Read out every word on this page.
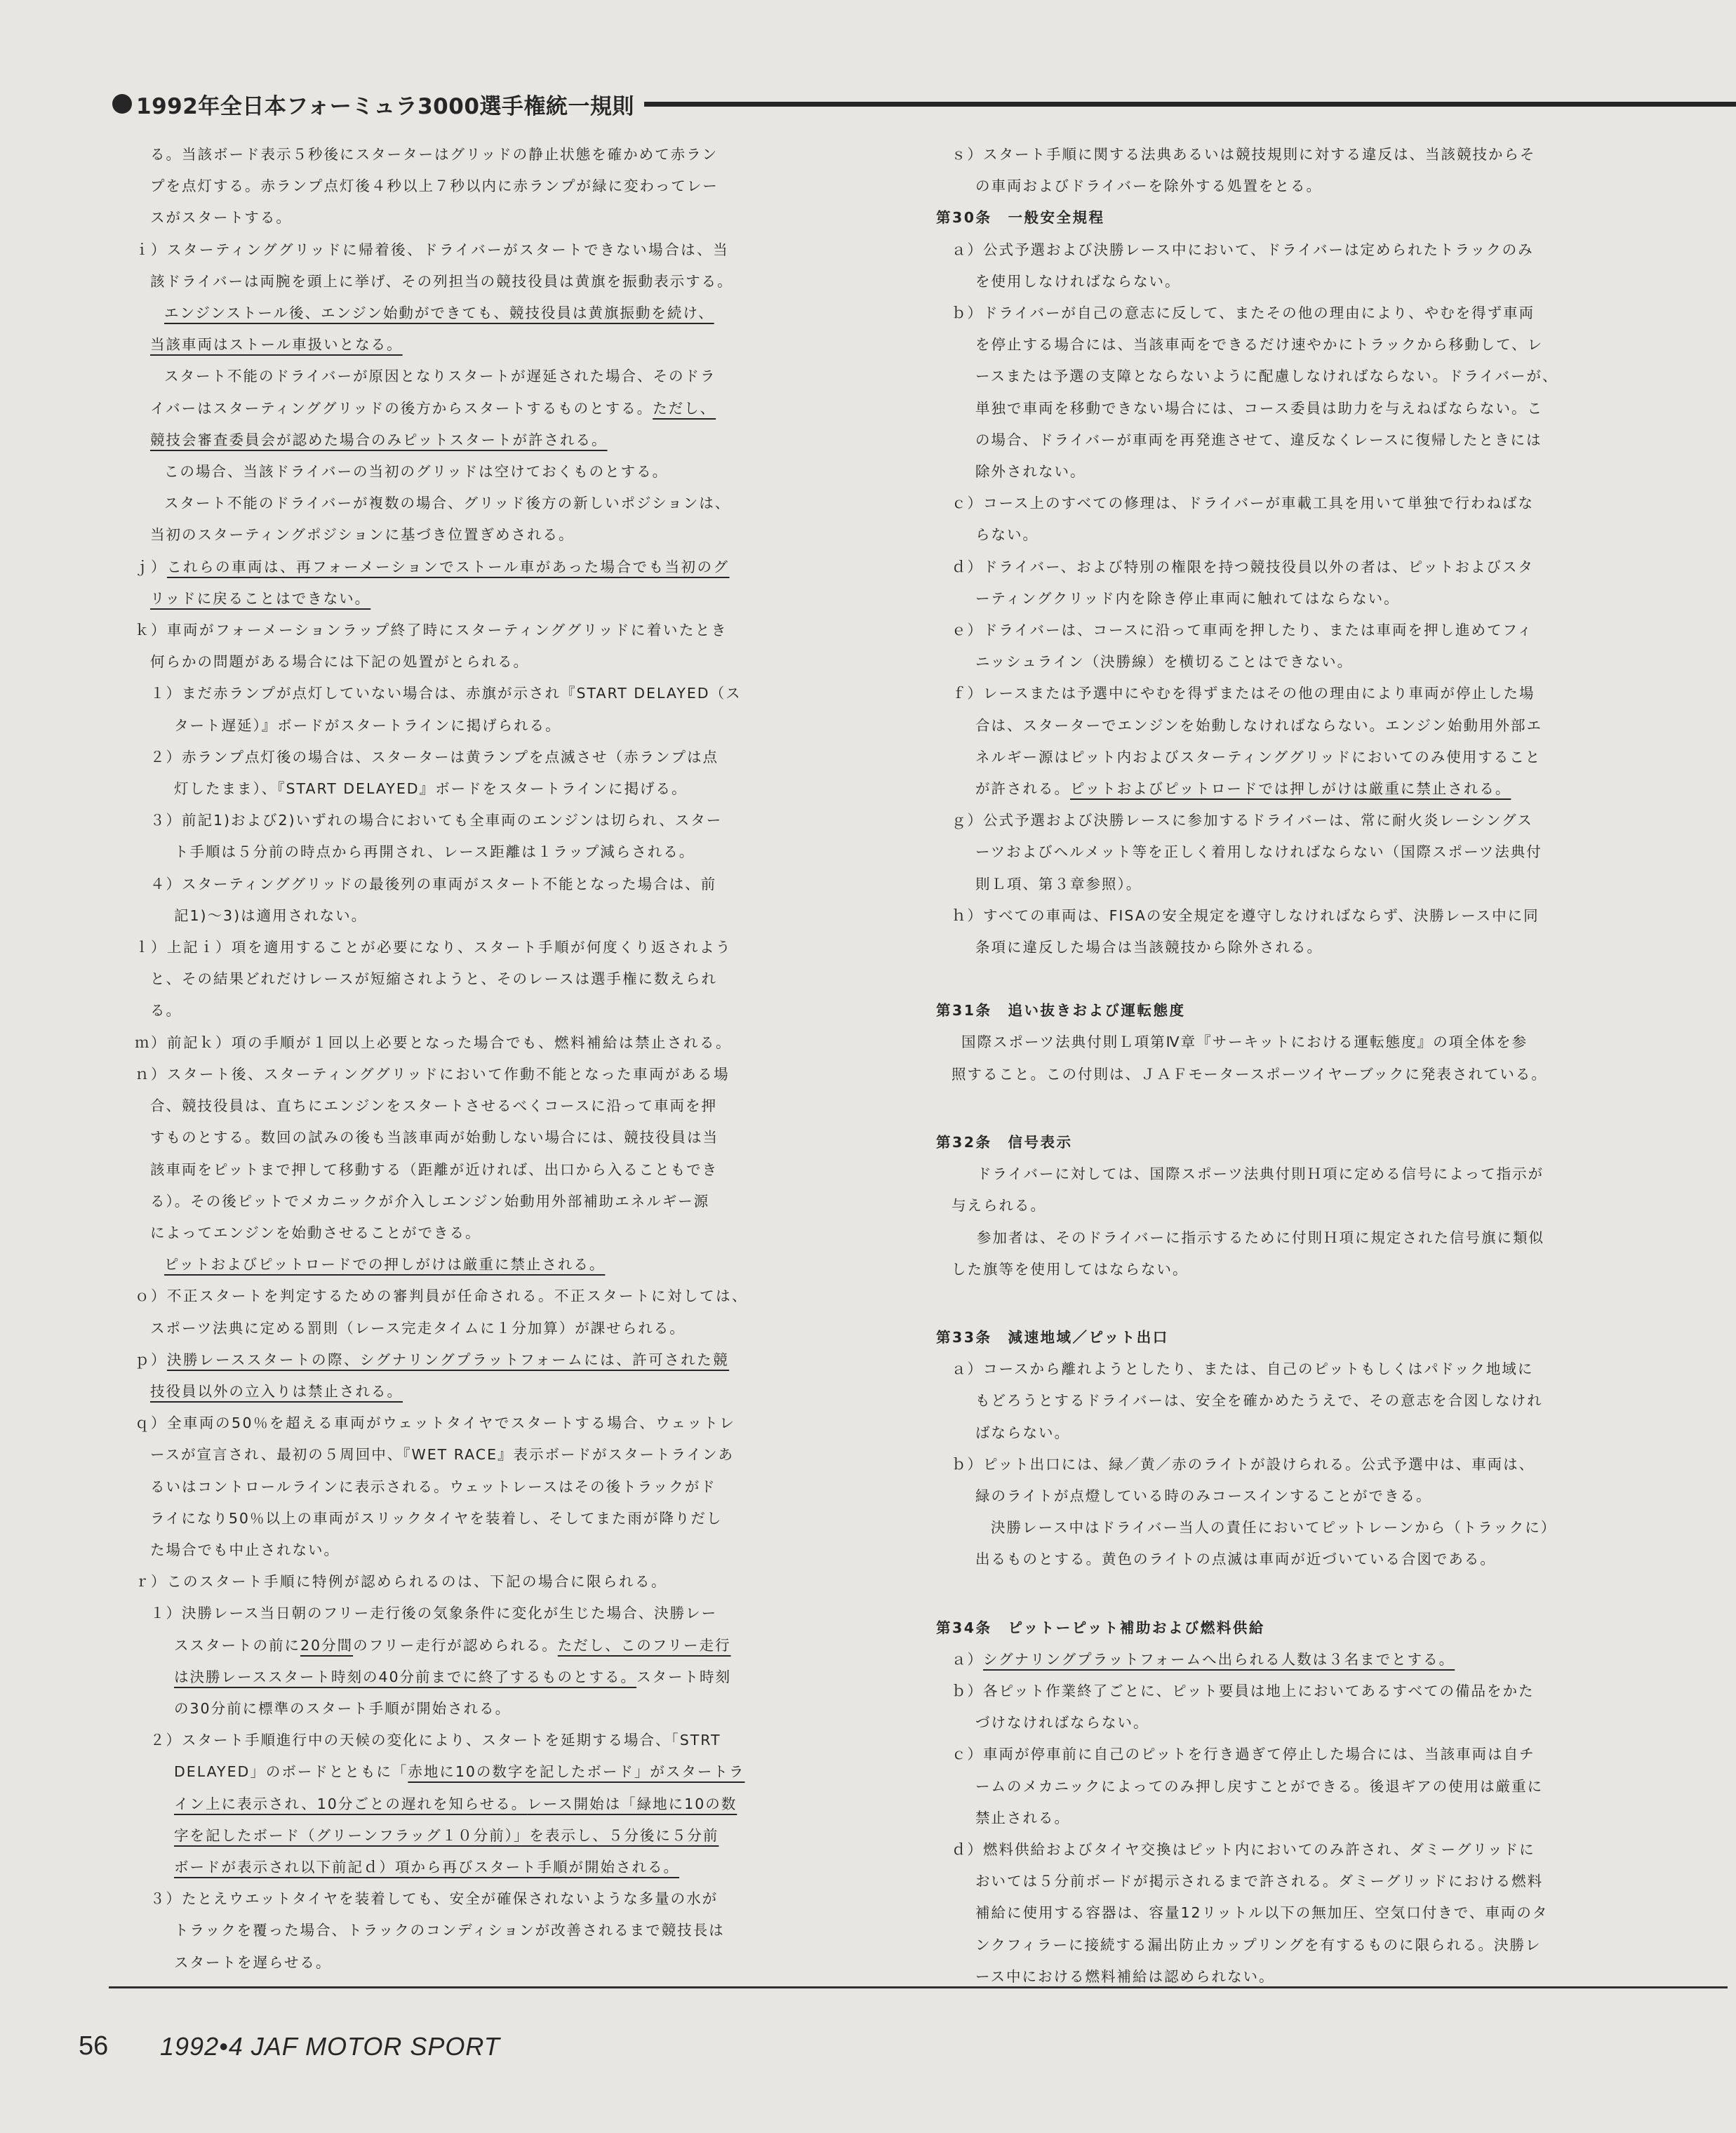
1992年全日本フォーミュラ3000選手権統一規則
る。当該ボード表示５秒後にスターターはグリッドの静止状態を確かめて赤ラン
プを点灯する。赤ランプ点灯後４秒以上７秒以内に赤ランプが緑に変わってレー
スがスタートする。
ｉ）スターティンググリッドに帰着後、ドライバーがスタートできない場合は、当
該ドライバーは両腕を頭上に挙げ、その列担当の競技役員は黄旗を振動表示する。
エンジンストール後、エンジン始動ができても、競技役員は黄旗振動を続け、
当該車両はストール車扱いとなる。
スタート不能のドライバーが原因となりスタートが遅延された場合、そのドラ
イバーはスターティンググリッドの後方からスタートするものとする。ただし、
競技会審査委員会が認めた場合のみピットスタートが許される。
この場合、当該ドライバーの当初のグリッドは空けておくものとする。
スタート不能のドライバーが複数の場合、グリッド後方の新しいポジションは、
当初のスターティングポジションに基づき位置ぎめされる。
ｊ）これらの車両は、再フォーメーションでストール車があった場合でも当初のグ
リッドに戻ることはできない。
ｋ）車両がフォーメーションラップ終了時にスターティンググリッドに着いたとき
何らかの問題がある場合には下記の処置がとられる。
１）まだ赤ランプが点灯していない場合は、赤旗が示され『START DELAYED（ス
タート遅延）』ボードがスタートラインに掲げられる。
２）赤ランプ点灯後の場合は、スターターは黄ランプを点滅させ（赤ランプは点
灯したまま）、『START DELAYED』ボードをスタートラインに掲げる。
３）前記1)および2)いずれの場合においても全車両のエンジンは切られ、スター
ト手順は５分前の時点から再開され、レース距離は１ラップ減らされる。
４）スターティンググリッドの最後列の車両がスタート不能となった場合は、前
記1)〜3)は適用されない。
ｌ）上記ｉ）項を適用することが必要になり、スタート手順が何度くり返されよう
と、その結果どれだけレースが短縮されようと、そのレースは選手権に数えられ
る。
ｍ）前記ｋ）項の手順が１回以上必要となった場合でも、燃料補給は禁止される。
ｎ）スタート後、スターティンググリッドにおいて作動不能となった車両がある場
合、競技役員は、直ちにエンジンをスタートさせるべくコースに沿って車両を押
すものとする。数回の試みの後も当該車両が始動しない場合には、競技役員は当
該車両をピットまで押して移動する（距離が近ければ、出口から入ることもでき
る）。その後ピットでメカニックが介入しエンジン始動用外部補助エネルギー源
によってエンジンを始動させることができる。
ピットおよびピットロードでの押しがけは厳重に禁止される。
ｏ）不正スタートを判定するための審判員が任命される。不正スタートに対しては、
スポーツ法典に定める罰則（レース完走タイムに１分加算）が課せられる。
ｐ）決勝レーススタートの際、シグナリングプラットフォームには、許可された競
技役員以外の立入りは禁止される。
ｑ）全車両の50％を超える車両がウェットタイヤでスタートする場合、ウェットレ
ースが宣言され、最初の５周回中、『WET RACE』表示ボードがスタートラインあ
るいはコントロールラインに表示される。ウェットレースはその後トラックがド
ライになり50％以上の車両がスリックタイヤを装着し、そしてまた雨が降りだし
た場合でも中止されない。
ｒ）このスタート手順に特例が認められるのは、下記の場合に限られる。
１）決勝レース当日朝のフリー走行後の気象条件に変化が生じた場合、決勝レー
ススタートの前に20分間のフリー走行が認められる。ただし、このフリー走行
は決勝レーススタート時刻の40分前までに終了するものとする。スタート時刻
の30分前に標準のスタート手順が開始される。
２）スタート手順進行中の天候の変化により、スタートを延期する場合、「STRT
DELAYED」のボードとともに「赤地に10の数字を記したボード」がスタートラ
イン上に表示され、10分ごとの遅れを知らせる。レース開始は「緑地に10の数
字を記したボード（グリーンフラッグ１０分前）」を表示し、５分後に５分前
ボードが表示され以下前記ｄ）項から再びスタート手順が開始される。
３）たとえウエットタイヤを装着しても、安全が確保されないような多量の水が
トラックを覆った場合、トラックのコンディションが改善されるまで競技長は
スタートを遅らせる。
ｓ）スタート手順に関する法典あるいは競技規則に対する違反は、当該競技からそ
の車両およびドライバーを除外する処置をとる。
第30条　一般安全規程
ａ）公式予選および決勝レース中において、ドライバーは定められたトラックのみ
を使用しなければならない。
ｂ）ドライバーが自己の意志に反して、またその他の理由により、やむを得ず車両
を停止する場合には、当該車両をできるだけ速やかにトラックから移動して、レ
ースまたは予選の支障とならないように配慮しなければならない。ドライバーが、
単独で車両を移動できない場合には、コース委員は助力を与えねばならない。こ
の場合、ドライバーが車両を再発進させて、違反なくレースに復帰したときには
除外されない。
ｃ）コース上のすべての修理は、ドライバーが車載工具を用いて単独で行わねばな
らない。
ｄ）ドライバー、および特別の権限を持つ競技役員以外の者は、ピットおよびスタ
ーティングクリッド内を除き停止車両に触れてはならない。
ｅ）ドライバーは、コースに沿って車両を押したり、または車両を押し進めてフィ
ニッシュライン（決勝線）を横切ることはできない。
ｆ）レースまたは予選中にやむを得ずまたはその他の理由により車両が停止した場
合は、スターターでエンジンを始動しなければならない。エンジン始動用外部エ
ネルギー源はピット内およびスターティンググリッドにおいてのみ使用すること
が許される。ピットおよびピットロードでは押しがけは厳重に禁止される。
ｇ）公式予選および決勝レースに参加するドライバーは、常に耐火炎レーシングス
ーツおよびヘルメット等を正しく着用しなければならない（国際スポーツ法典付
則Ｌ項、第３章参照）。
ｈ）すべての車両は、FISAの安全規定を遵守しなければならず、決勝レース中に同
条項に違反した場合は当該競技から除外される。
第31条　追い抜きおよび運転態度
国際スポーツ法典付則Ｌ項第Ⅳ章『サーキットにおける運転態度』の項全体を参
照すること。この付則は、ＪＡＦモータースポーツイヤーブックに発表されている。
第32条　信号表示
ドライバーに対しては、国際スポーツ法典付則Ｈ項に定める信号によって指示が
与えられる。
参加者は、そのドライバーに指示するために付則Ｈ項に規定された信号旗に類似
した旗等を使用してはならない。
第33条　減速地域／ピット出口
ａ）コースから離れようとしたり、または、自己のピットもしくはパドック地域に
もどろうとするドライバーは、安全を確かめたうえで、その意志を合図しなけれ
ばならない。
ｂ）ピット出口には、緑／黄／赤のライトが設けられる。公式予選中は、車両は、
緑のライトが点燈している時のみコースインすることができる。
決勝レース中はドライバー当人の責任においてピットレーンから（トラックに）
出るものとする。黄色のライトの点滅は車両が近づいている合図である。
第34条　ピットーピット補助および燃料供給
ａ）シグナリングプラットフォームへ出られる人数は３名までとする。
ｂ）各ピット作業終了ごとに、ピット要員は地上においてあるすべての備品をかた
づけなければならない。
ｃ）車両が停車前に自己のピットを行き過ぎて停止した場合には、当該車両は自チ
ームのメカニックによってのみ押し戻すことができる。後退ギアの使用は厳重に
禁止される。
ｄ）燃料供給およびタイヤ交換はピット内においてのみ許され、ダミーグリッドに
おいては５分前ボードが掲示されるまで許される。ダミーグリッドにおける燃料
補給に使用する容器は、容量12リットル以下の無加圧、空気口付きで、車両のタ
ンクフィラーに接続する漏出防止カップリングを有するものに限られる。決勝レ
ース中における燃料補給は認められない。
56 1992•4 JAF MOTOR SPORT
